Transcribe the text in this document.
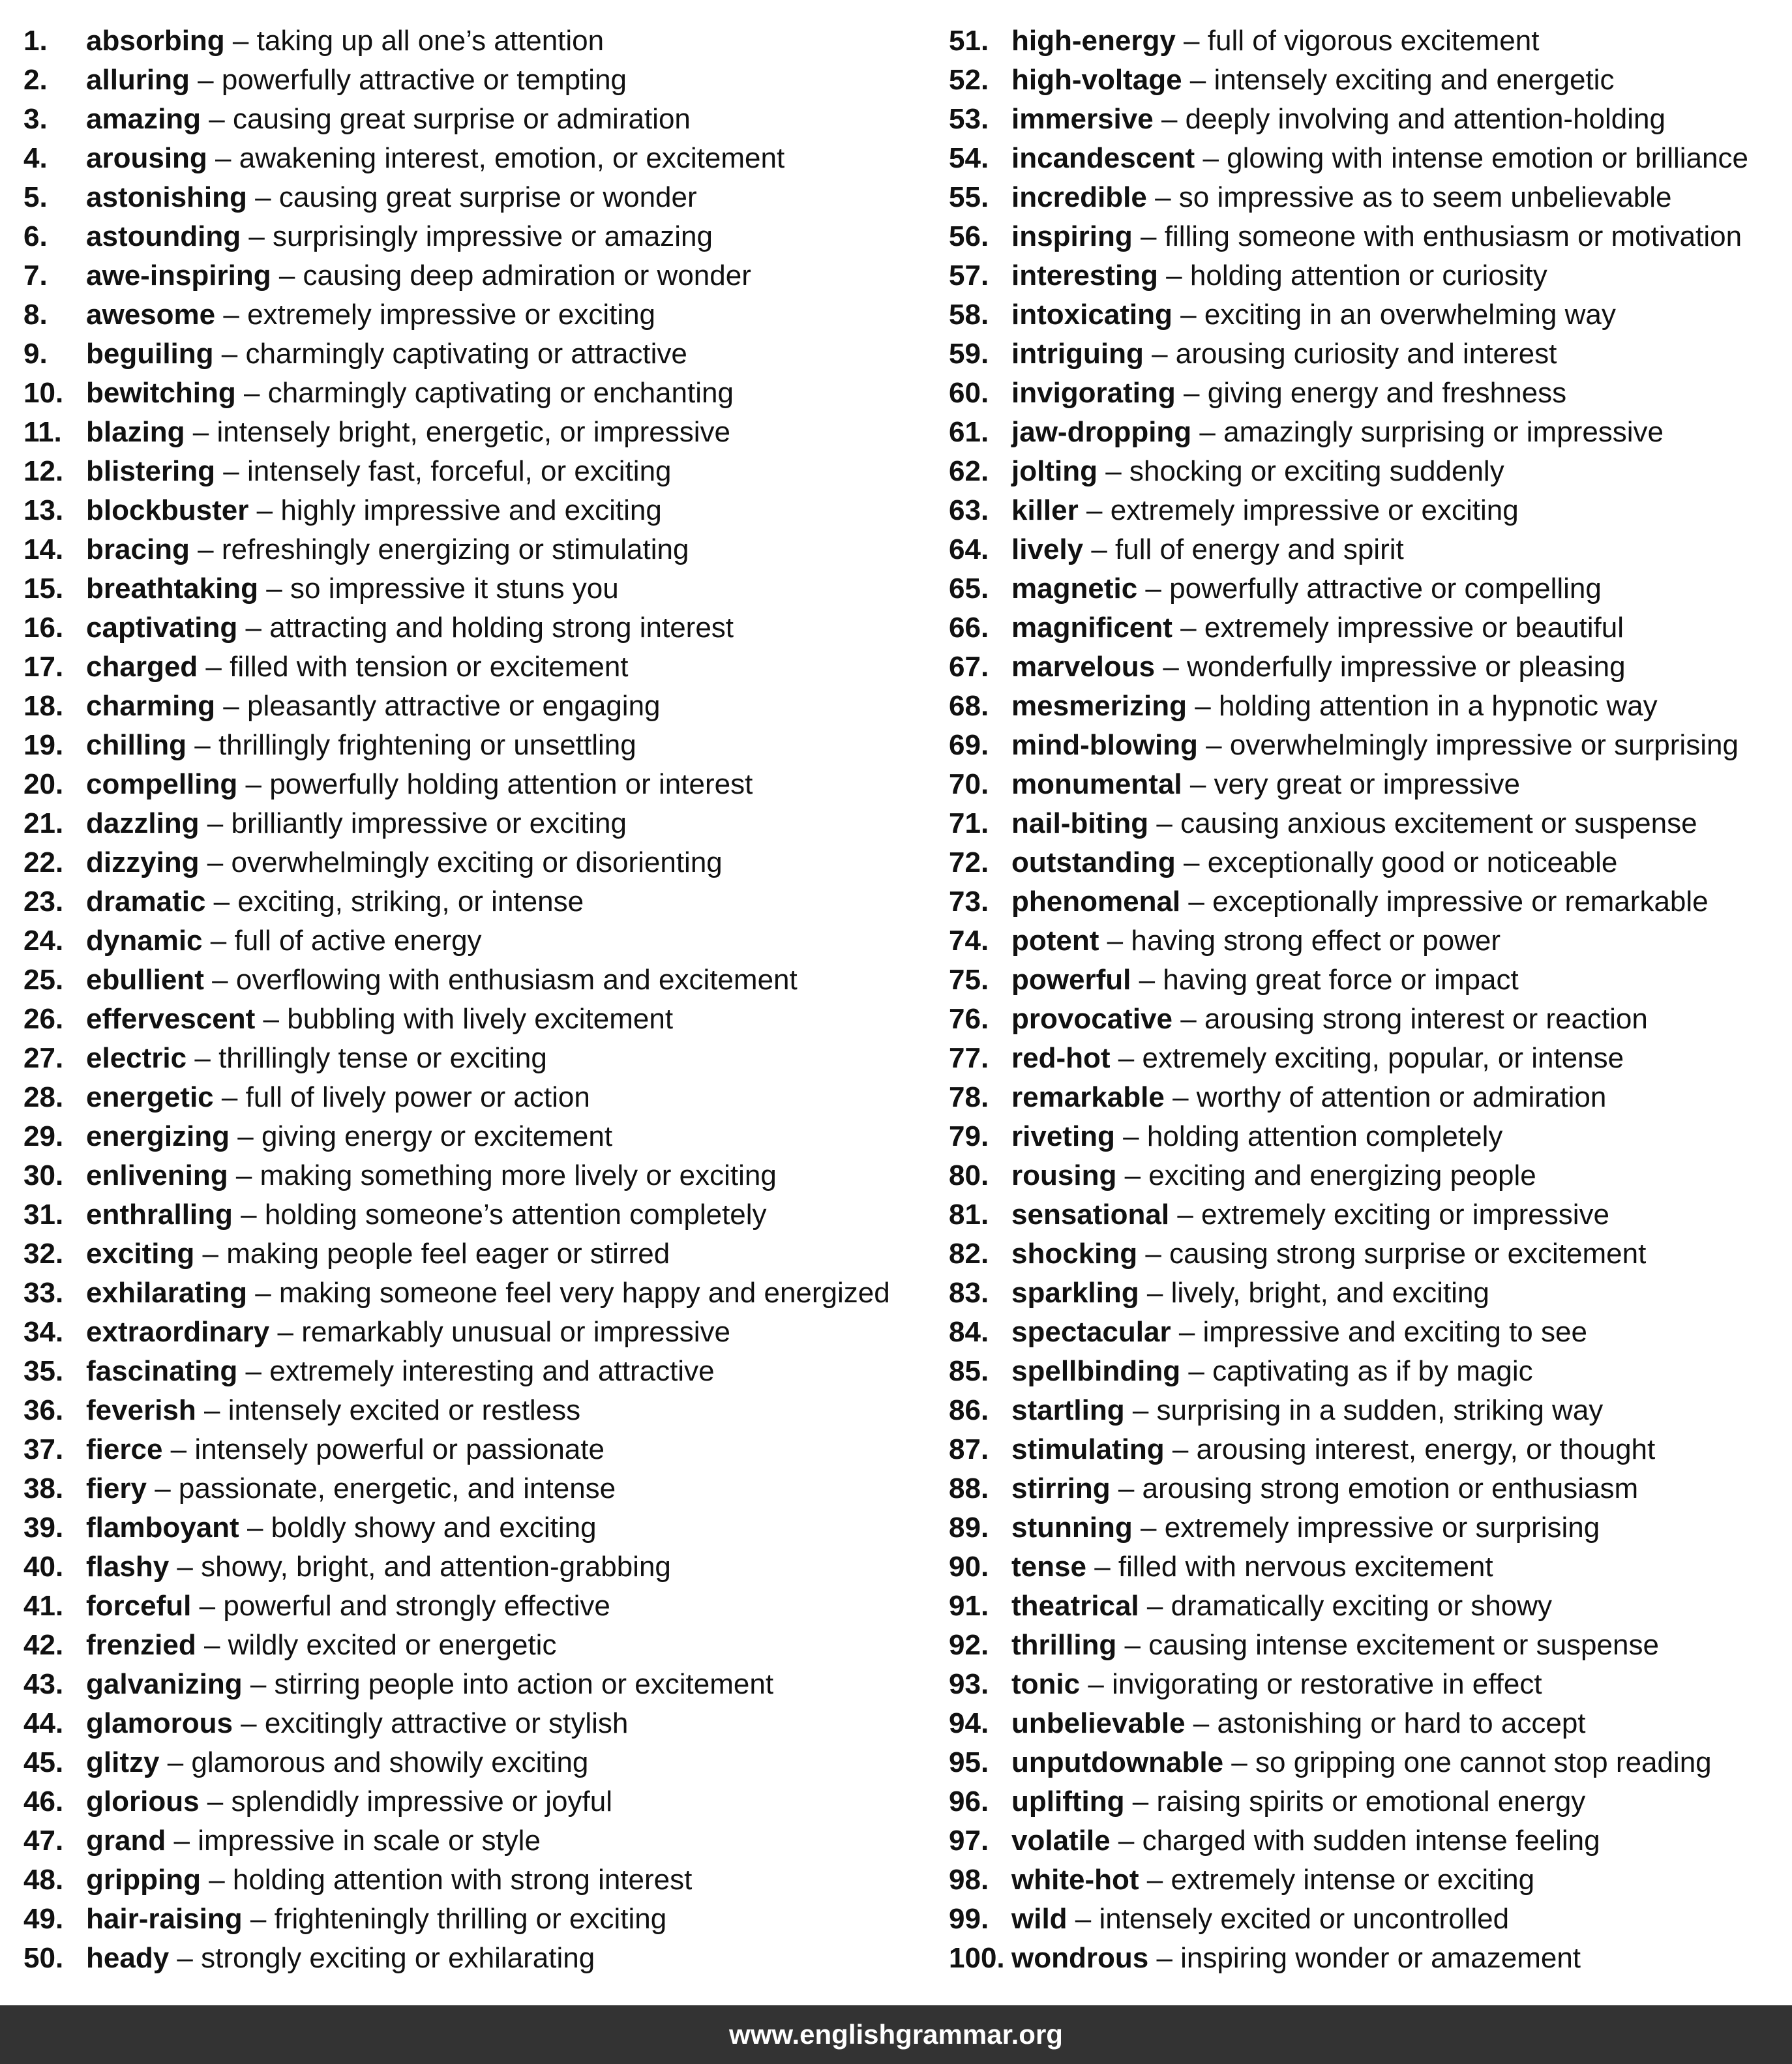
1.	absorbing – taking up all one’s attention
2.	alluring – powerfully attractive or tempting
3.	amazing – causing great surprise or admiration
4.	arousing – awakening interest, emotion, or excitement
5.	astonishing – causing great surprise or wonder
6.	astounding – surprisingly impressive or amazing
7.	awe-inspiring – causing deep admiration or wonder
8.	awesome – extremely impressive or exciting
9.	beguiling – charmingly captivating or attractive
10. bewitching – charmingly captivating or enchanting
11. blazing – intensely bright, energetic, or impressive
12. blistering – intensely fast, forceful, or exciting
13. blockbuster – highly impressive and exciting
14. bracing – refreshingly energizing or stimulating
15. breathtaking – so impressive it stuns you
16. captivating – attracting and holding strong interest
17. charged – filled with tension or excitement
18. charming – pleasantly attractive or engaging
19. chilling – thrillingly frightening or unsettling
20. compelling – powerfully holding attention or interest
21. dazzling – brilliantly impressive or exciting
22. dizzying – overwhelmingly exciting or disorienting
23. dramatic – exciting, striking, or intense
24. dynamic – full of active energy
25. ebullient – overflowing with enthusiasm and excitement
26. effervescent – bubbling with lively excitement
27. electric – thrillingly tense or exciting
28. energetic – full of lively power or action
29. energizing – giving energy or excitement
30. enlivening – making something more lively or exciting
31. enthralling – holding someone’s attention completely
32. exciting – making people feel eager or stirred
33. exhilarating – making someone feel very happy and energized
34. extraordinary – remarkably unusual or impressive
35. fascinating – extremely interesting and attractive
36. feverish – intensely excited or restless
37. fierce – intensely powerful or passionate
38. fiery – passionate, energetic, and intense
39. flamboyant – boldly showy and exciting
40. flashy – showy, bright, and attention-grabbing
41. forceful – powerful and strongly effective
42. frenzied – wildly excited or energetic
43. galvanizing – stirring people into action or excitement
44. glamorous – excitingly attractive or stylish
45. glitzy – glamorous and showily exciting
46. glorious – splendidly impressive or joyful
47. grand – impressive in scale or style
48. gripping – holding attention with strong interest
49. hair-raising – frighteningly thrilling or exciting
50. heady – strongly exciting or exhilarating
51. high-energy – full of vigorous excitement
52. high-voltage – intensely exciting and energetic
53. immersive – deeply involving and attention-holding
54. incandescent – glowing with intense emotion or brilliance
55. incredible – so impressive as to seem unbelievable
56. inspiring – filling someone with enthusiasm or motivation
57. interesting – holding attention or curiosity
58. intoxicating – exciting in an overwhelming way
59. intriguing – arousing curiosity and interest
60. invigorating – giving energy and freshness
61. jaw-dropping – amazingly surprising or impressive
62. jolting – shocking or exciting suddenly
63. killer – extremely impressive or exciting
64. lively – full of energy and spirit
65. magnetic – powerfully attractive or compelling
66. magnificent – extremely impressive or beautiful
67. marvelous – wonderfully impressive or pleasing
68. mesmerizing – holding attention in a hypnotic way
69. mind-blowing – overwhelmingly impressive or surprising
70. monumental – very great or impressive
71. nail-biting – causing anxious excitement or suspense
72. outstanding – exceptionally good or noticeable
73. phenomenal – exceptionally impressive or remarkable
74. potent – having strong effect or power
75. powerful – having great force or impact
76. provocative – arousing strong interest or reaction
77. red-hot – extremely exciting, popular, or intense
78. remarkable – worthy of attention or admiration
79. riveting – holding attention completely
80. rousing – exciting and energizing people
81. sensational – extremely exciting or impressive
82. shocking – causing strong surprise or excitement
83. sparkling – lively, bright, and exciting
84. spectacular – impressive and exciting to see
85. spellbinding – captivating as if by magic
86. startling – surprising in a sudden, striking way
87. stimulating – arousing interest, energy, or thought
88. stirring – arousing strong emotion or enthusiasm
89. stunning – extremely impressive or surprising
90. tense – filled with nervous excitement
91. theatrical – dramatically exciting or showy
92. thrilling – causing intense excitement or suspense
93. tonic – invigorating or restorative in effect
94. unbelievable – astonishing or hard to accept
95. unputdownable – so gripping one cannot stop reading
96. uplifting – raising spirits or emotional energy
97. volatile – charged with sudden intense feeling
98. white-hot – extremely intense or exciting
99. wild – intensely excited or uncontrolled
100. wondrous – inspiring wonder or amazement
www.englishgrammar.org
